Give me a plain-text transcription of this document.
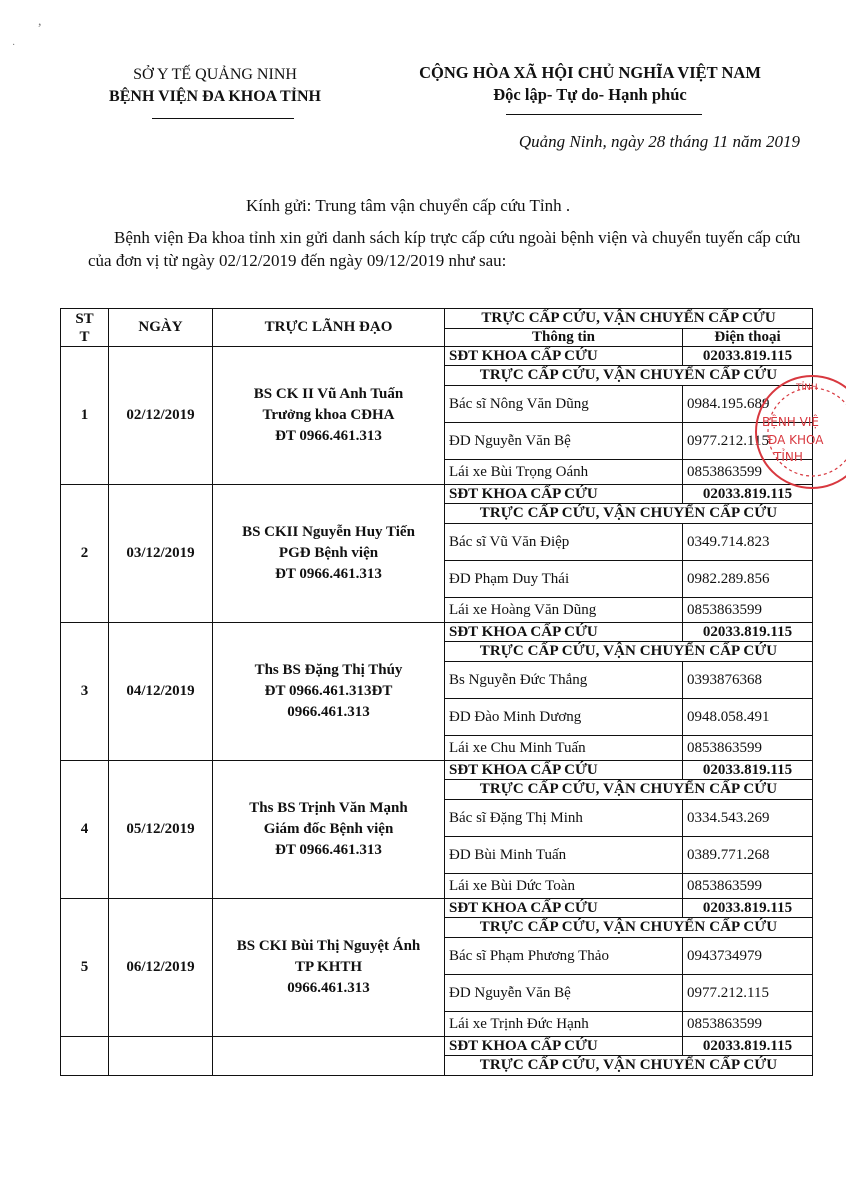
,
·
SỞ Y TẾ QUẢNG NINH
BỆNH VIỆN ĐA KHOA TỈNH
CỘNG HÒA XÃ HỘI CHỦ NGHĨA VIỆT NAM
Độc lập- Tự do- Hạnh phúc
Quảng Ninh, ngày 28 tháng 11 năm 2019
Kính gửi: Trung tâm vận chuyển cấp cứu Tỉnh .
Bệnh viện Đa khoa tỉnh xin gửi danh sách kíp trực cấp cứu ngoài bệnh viện và chuyển tuyến cấp cứu của đơn vị từ ngày 02/12/2019 đến ngày 09/12/2019 như sau:
ST T	NGÀY	TRỰC LÃNH ĐẠO	TRỰC CẤP CỨU, VẬN CHUYỂN CẤP CỨU	
			Thông tin	Điện thoại
1	02/12/2019	BS CK II Vũ Anh Tuấn
Trưởng khoa CĐHA
ĐT 0966.461.313	SĐT KHOA CẤP CỨU	02033.819.115
			TRỰC CẤP CỨU, VẬN CHUYỂN CẤP CỨU	
			Bác sĩ Nông Văn Dũng	0984.195.689
			ĐD Nguyễn Văn Bệ	0977.212.115
			Lái xe Bùi Trọng Oánh	0853863599
2	03/12/2019	BS CKII Nguyễn Huy Tiến
PGĐ Bệnh viện
ĐT 0966.461.313	SĐT KHOA CẤP CỨU	02033.819.115
			TRỰC CẤP CỨU, VẬN CHUYỂN CẤP CỨU	
			Bác sĩ Vũ Văn Điệp	0349.714.823
			ĐD Phạm Duy Thái	0982.289.856
			Lái xe Hoàng Văn Dũng	0853863599
3	04/12/2019	Ths BS Đặng Thị Thúy
ĐT 0966.461.313ĐT
0966.461.313	SĐT KHOA CẤP CỨU	02033.819.115
			TRỰC CẤP CỨU, VẬN CHUYỂN CẤP CỨU	
			Bs Nguyễn Đức Thắng	0393876368
			ĐD Đào Minh Dương	0948.058.491
			Lái xe Chu Minh Tuấn	0853863599
4	05/12/2019	Ths BS Trịnh Văn Mạnh
Giám đốc Bệnh viện
ĐT 0966.461.313	SĐT KHOA CẤP CỨU	02033.819.115
			TRỰC CẤP CỨU, VẬN CHUYỂN CẤP CỨU	
			Bác sĩ Đặng Thị Minh	0334.543.269
			ĐD Bùi Minh Tuấn	0389.771.268
			Lái xe Bùi Dức Toàn	0853863599
5	06/12/2019	BS CKI Bùi Thị Nguyệt Ánh
TP KHTH
0966.461.313	SĐT KHOA CẤP CỨU	02033.819.115
			TRỰC CẤP CỨU, VẬN CHUYỂN CẤP CỨU	
			Bác sĩ Phạm Phương Thảo	0943734979
			ĐD Nguyễn Văn Bệ	0977.212.115
			Lái xe Trịnh Đức Hạnh	0853863599
			SĐT KHOA CẤP CỨU	02033.819.115
			TRỰC CẤP CỨU, VẬN CHUYỂN CẤP CỨU	
TỈNH
BỆNH VIỆ
ĐA KHOA
TỈNH
